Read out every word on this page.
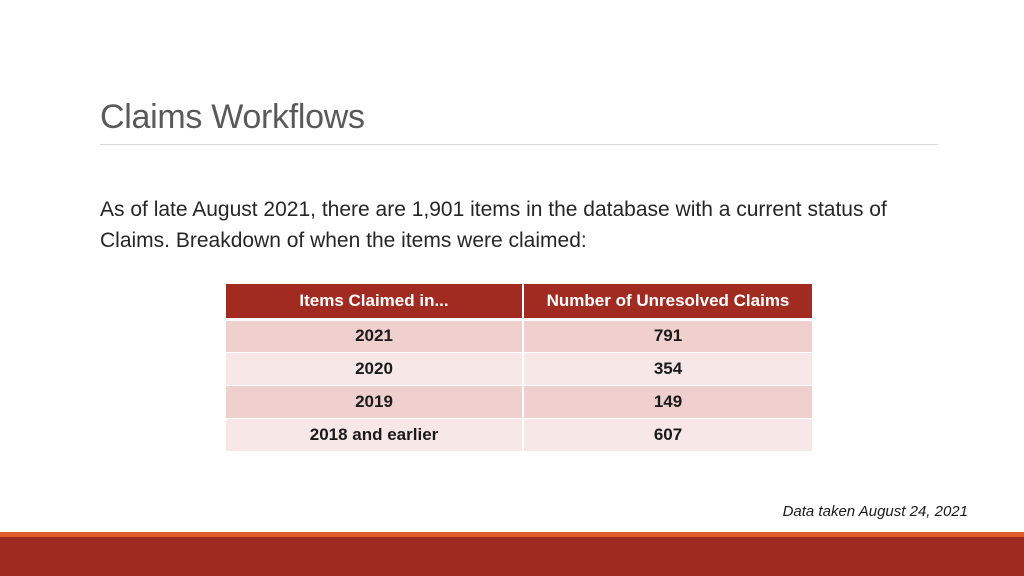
Claims Workflows

As of late August 2021, there are 1,901 items in the database with a current status of Claims. Breakdown of when the items were claimed:

Items Claimed in...	Number of Unresolved Claims
2021	791
2020	354
2019	149
2018 and earlier	607

Data taken August 24, 2021
